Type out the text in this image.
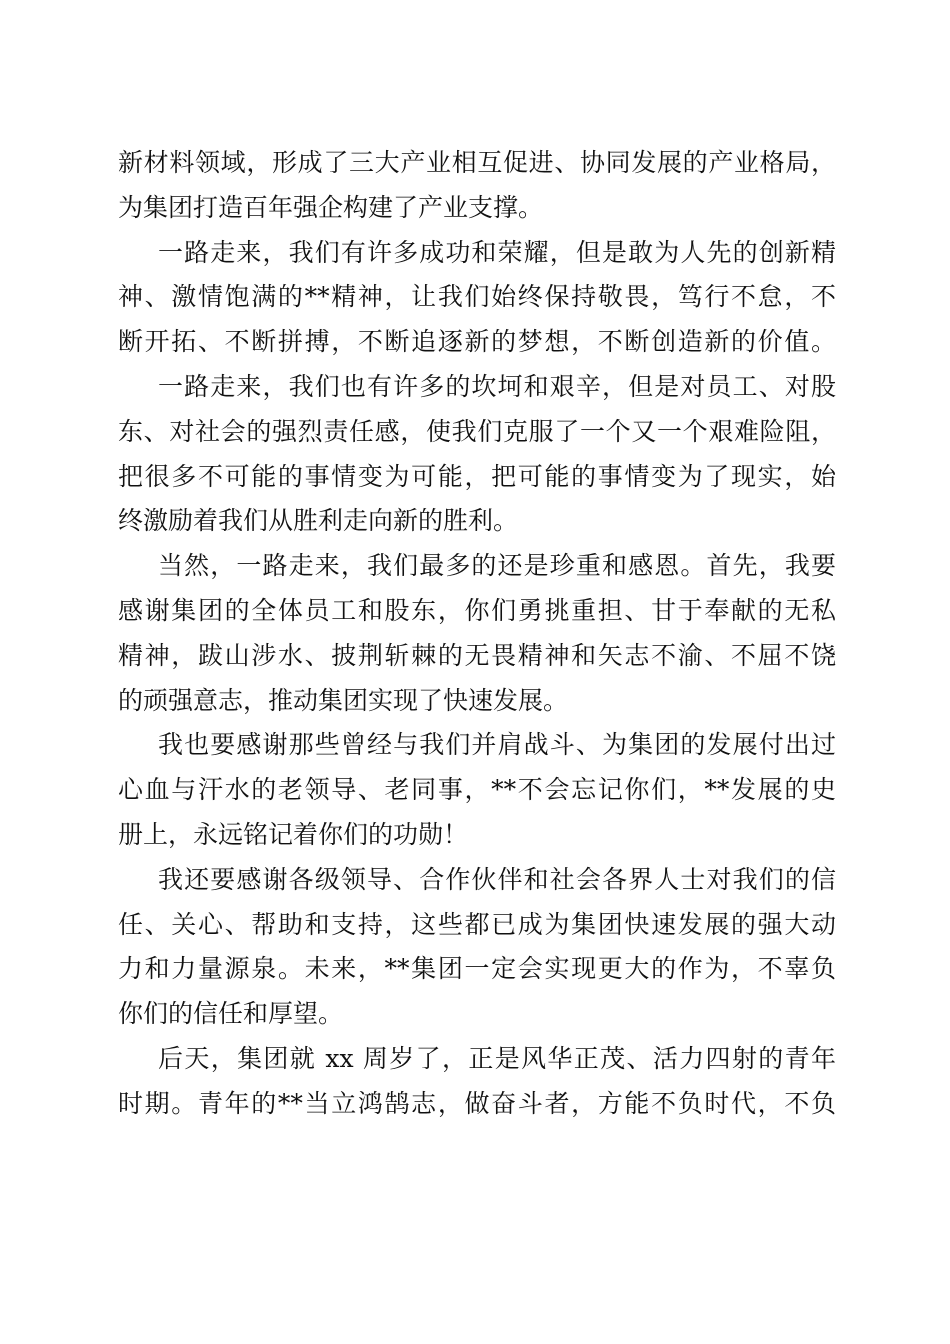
新材料领域，形成了三大产业相互促进、协同发展的产业格局，
为集团打造百年强企构建了产业支撑。
一路走来，我们有许多成功和荣耀，但是敢为人先的创新精
神、激情饱满的**精神，让我们始终保持敬畏，笃行不怠，不
断开拓、不断拼搏，不断追逐新的梦想，不断创造新的价值。
一路走来，我们也有许多的坎坷和艰辛，但是对员工、对股
东、对社会的强烈责任感，使我们克服了一个又一个艰难险阻，
把很多不可能的事情变为可能，把可能的事情变为了现实，始
终激励着我们从胜利走向新的胜利。
当然，一路走来，我们最多的还是珍重和感恩。首先，我要
感谢集团的全体员工和股东，你们勇挑重担、甘于奉献的无私
精神，跋山涉水、披荆斩棘的无畏精神和矢志不渝、不屈不饶
的顽强意志，推动集团实现了快速发展。
我也要感谢那些曾经与我们并肩战斗、为集团的发展付出过
心血与汗水的老领导、老同事，**不会忘记你们，**发展的史
册上，永远铭记着你们的功勋！
我还要感谢各级领导、合作伙伴和社会各界人士对我们的信
任、关心、帮助和支持，这些都已成为集团快速发展的强大动
力和力量源泉。未来，**集团一定会实现更大的作为，不辜负
你们的信任和厚望。
后天，集团就 xx 周岁了，正是风华正茂、活力四射的青年
时期。青年的**当立鸿鹄志，做奋斗者，方能不负时代，不负
